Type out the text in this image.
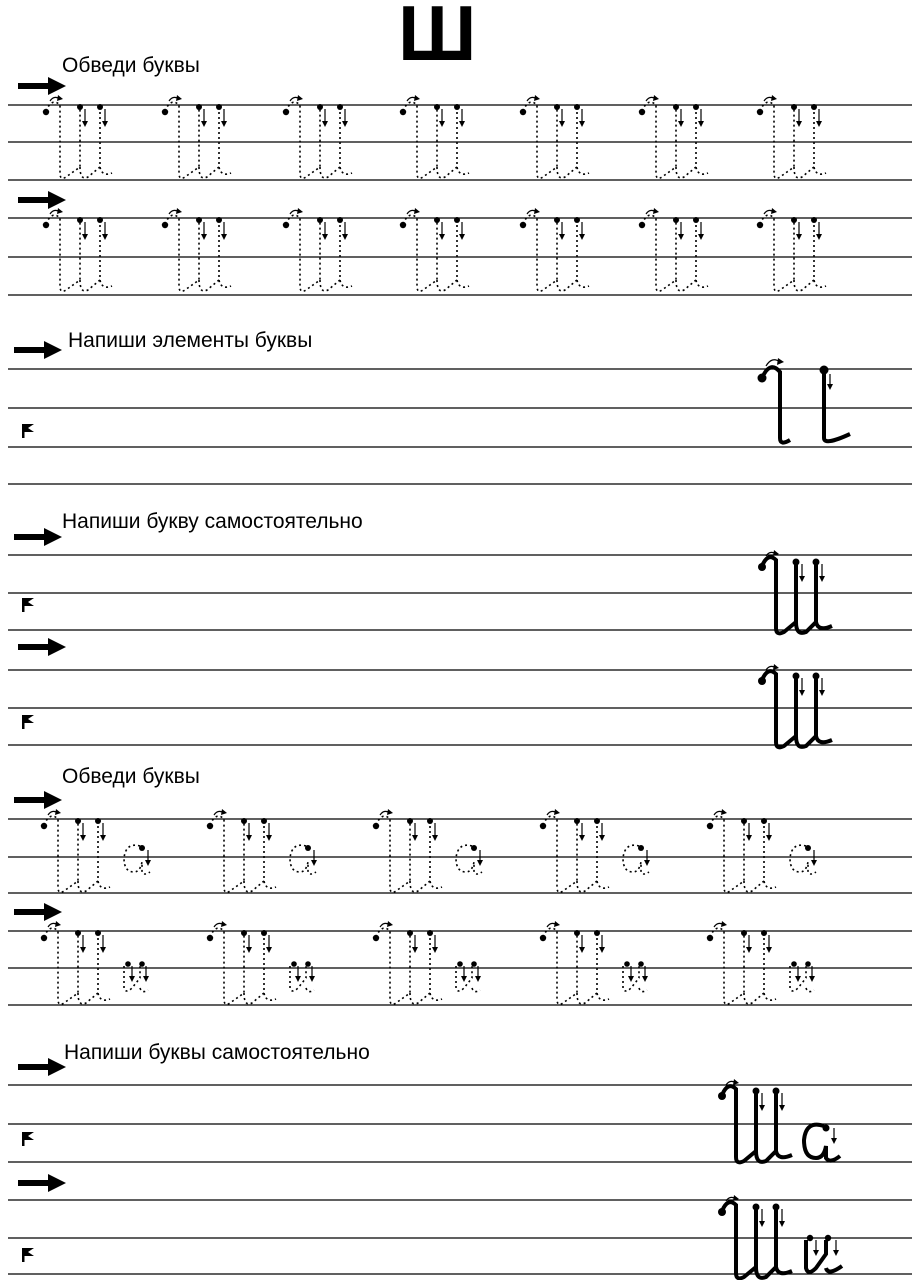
Ш
Обведи буквы
Напиши элементы буквы
Напиши букву самостоятельно
Обведи буквы
Напиши буквы самостоятельно
